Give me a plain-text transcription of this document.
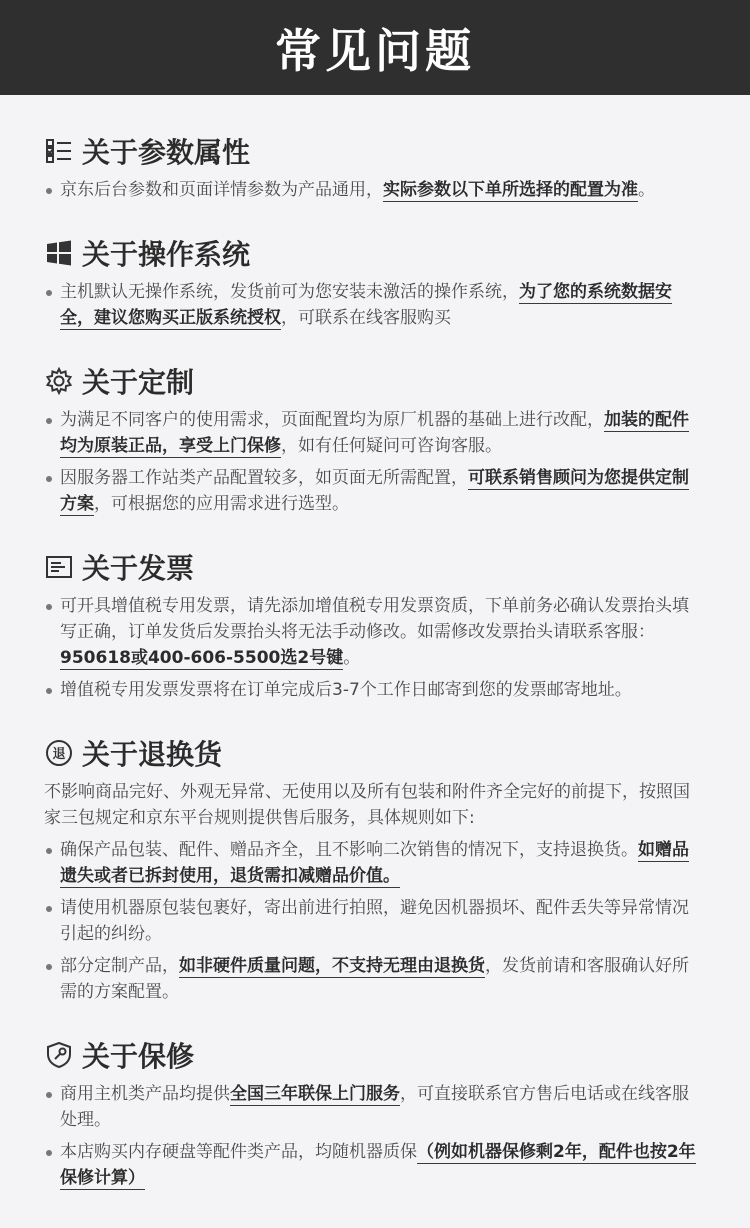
常见问题
关于参数属性
京东后台参数和页面详情参数为产品通用，实际参数以下单所选择的配置为准。
关于操作系统
主机默认无操作系统，发货前可为您安装未激活的操作系统，为了您的系统数据安全，建议您购买正版系统授权，可联系在线客服购买
关于定制
为满足不同客户的使用需求，页面配置均为原厂机器的基础上进行改配，加装的配件均为原装正品，享受上门保修，如有任何疑问可咨询客服。
因服务器工作站类产品配置较多，如页面无所需配置，可联系销售顾问为您提供定制方案，可根据您的应用需求进行选型。
关于发票
可开具增值税专用发票，请先添加增值税专用发票资质，下单前务必确认发票抬头填写正确，订单发货后发票抬头将无法手动修改。如需修改发票抬头请联系客服：950618或400-606-5500选2号键。
增值税专用发票发票将在订单完成后3-7个工作日邮寄到您的发票邮寄地址。
退 关于退换货
不影响商品完好、外观无异常、无使用以及所有包装和附件齐全完好的前提下，按照国家三包规定和京东平台规则提供售后服务，具体规则如下:
确保产品包装、配件、赠品齐全，且不影响二次销售的情况下，支持退换货。如赠品遗失或者已拆封使用，退货需扣减赠品价值。
请使用机器原包装包裹好，寄出前进行拍照，避免因机器损坏、配件丢失等异常情况引起的纠纷。
部分定制产品，如非硬件质量问题，不支持无理由退换货，发货前请和客服确认好所需的方案配置。
关于保修
商用主机类产品均提供全国三年联保上门服务，可直接联系官方售后电话或在线客服处理。
本店购买内存硬盘等配件类产品，均随机器质保（例如机器保修剩2年，配件也按2年保修计算）
